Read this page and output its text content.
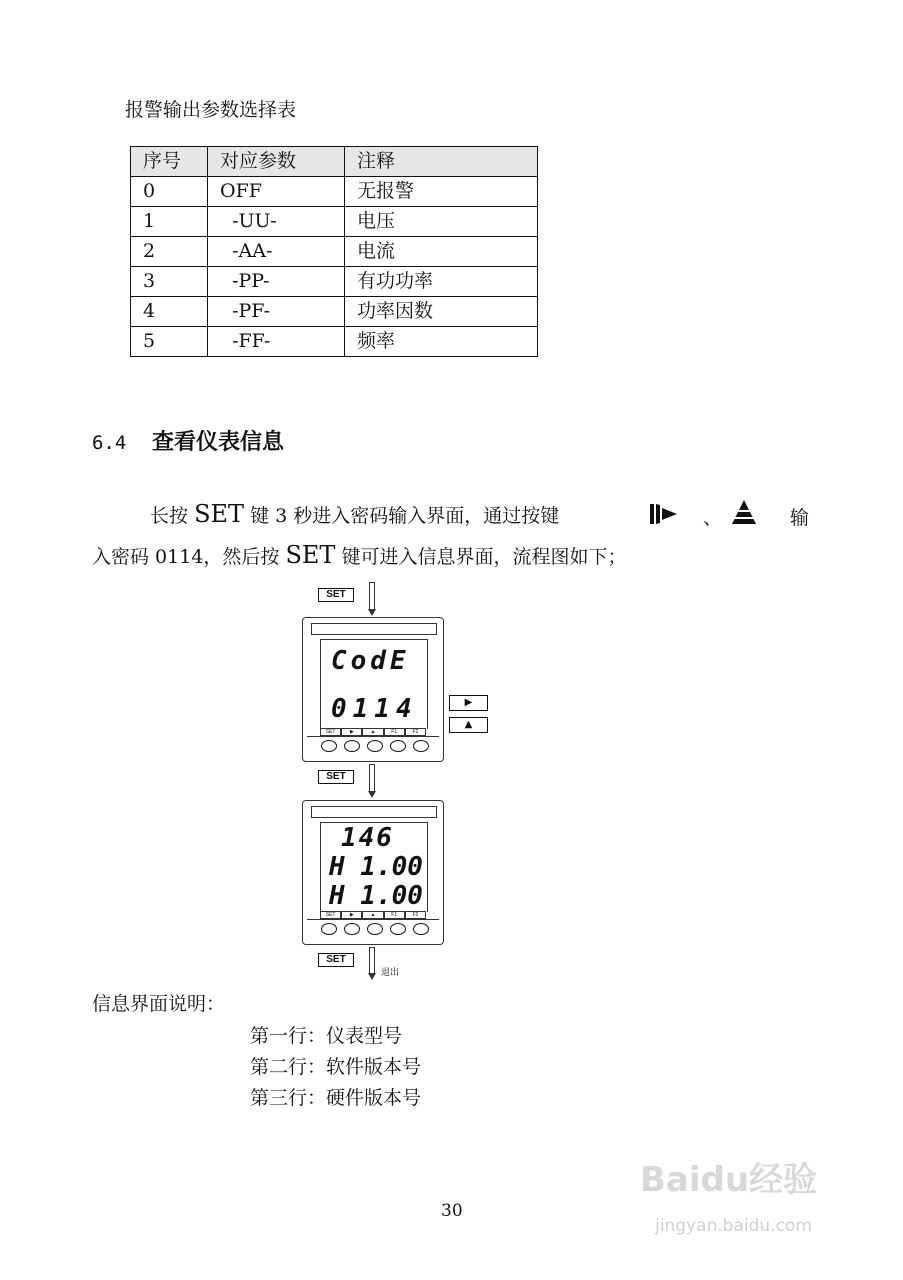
报警输出参数选择表
序号	对应参数	注释
0	OFF	无报警
1	-UU-	电压
2	-AA-	电流
3	-PP-	有功功率
4	-PF-	功率因数
5	-FF-	频率
6.4 查看仪表信息
长按 SET 键 3 秒进入密码输入界面，通过按键	、	输
入密码 0114，然后按 SET 键可进入信息界面，流程图如下；
SET
CodE
0114
SET	▶	▲	F1	F2
▶
▲
SET
146
H 1.00
H 1.00
SET	▶	▲	F1	F2
SET
退出
信息界面说明：
第一行：仪表型号
第二行：软件版本号
第三行：硬件版本号
30
Baidu经验
jingyan.baidu.com
